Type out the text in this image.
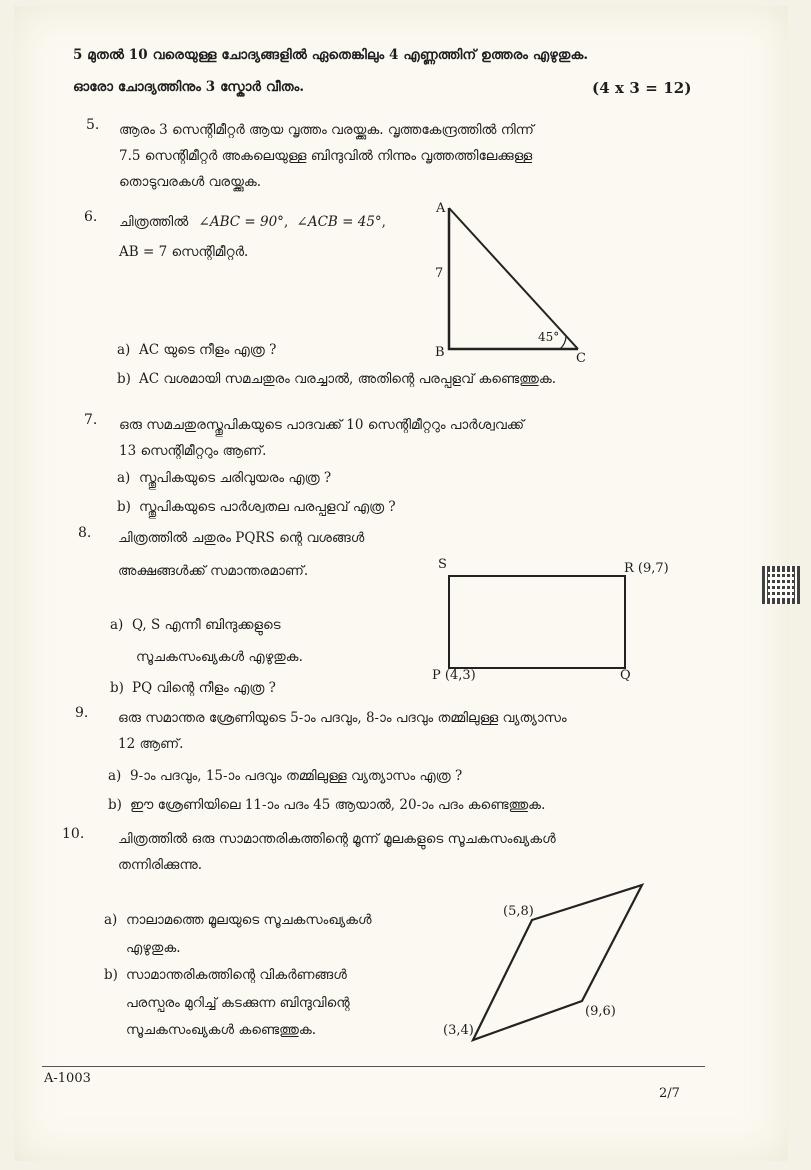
5 മുതൽ 10 വരെയുള്ള ചോദ്യങ്ങളിൽ ഏതെങ്കിലും 4 എണ്ണത്തിന് ഉത്തരം എഴുതുക.
ഓരോ ചോദ്യത്തിനും 3 സ്കോർ വീതം.	(4 x 3 = 12)
5. ആരം 3 സെന്റിമീറ്റർ ആയ വൃത്തം വരയ്ക്കുക. വൃത്തകേന്ദ്രത്തിൽ നിന്ന്
7.5 സെന്റിമീറ്റർ അകലെയുള്ള ബിന്ദുവിൽ നിന്നും വൃത്തത്തിലേക്കുള്ള
തൊടുവരകൾ വരയ്ക്കുക.
6. ചിത്രത്തിൽ ∠ABC = 90°, ∠ACB = 45°,
AB = 7 സെന്റിമീറ്റർ.
a) AC യുടെ നീളം എത്ര ?
b) AC വശമായി സമചതുരം വരച്ചാൽ, അതിന്റെ പരപ്പളവ് കണ്ടെത്തുക.
A
7
B	C
45°
7. ഒരു സമചതുരസ്തൂപികയുടെ പാദവക്ക് 10 സെന്റിമീറ്ററും പാർശ്വവക്ക്
13 സെന്റിമീറ്ററും ആണ്.
a) സ്തൂപികയുടെ ചരിവുയരം എത്ര ?
b) സ്തൂപികയുടെ പാർശ്വതല പരപ്പളവ് എത്ര ?
8. ചിത്രത്തിൽ ചതുരം PQRS ന്റെ വശങ്ങൾ
അക്ഷങ്ങൾക്ക് സമാന്തരമാണ്.
a) Q, S എന്നീ ബിന്ദുക്കളുടെ
സൂചകസംഖ്യകൾ എഴുതുക.
b) PQ വിന്റെ നീളം എത്ര ?
S	R (9,7)
P (4,3)	Q
9. ഒരു സമാന്തര ശ്രേണിയുടെ 5-ാം പദവും, 8-ാം പദവും തമ്മിലുള്ള വ്യത്യാസം
12 ആണ്.
a) 9-ാം പദവും, 15-ാം പദവും തമ്മിലുള്ള വ്യത്യാസം എത്ര ?
b) ഈ ശ്രേണിയിലെ 11-ാം പദം 45 ആയാൽ, 20-ാം പദം കണ്ടെത്തുക.
10. ചിത്രത്തിൽ ഒരു സാമാന്തരികത്തിന്റെ മൂന്ന് മൂലകളുടെ സൂചകസംഖ്യകൾ
തന്നിരിക്കുന്നു.
a) നാലാമത്തെ മൂലയുടെ സൂചകസംഖ്യകൾ
എഴുതുക.
b) സാമാന്തരികത്തിന്റെ വികർണങ്ങൾ
പരസ്പരം മുറിച്ച് കടക്കുന്ന ബിന്ദുവിന്റെ
സൂചകസംഖ്യകൾ കണ്ടെത്തുക.
(5,8)
(9,6)
(3,4)
A-1003
2/7
